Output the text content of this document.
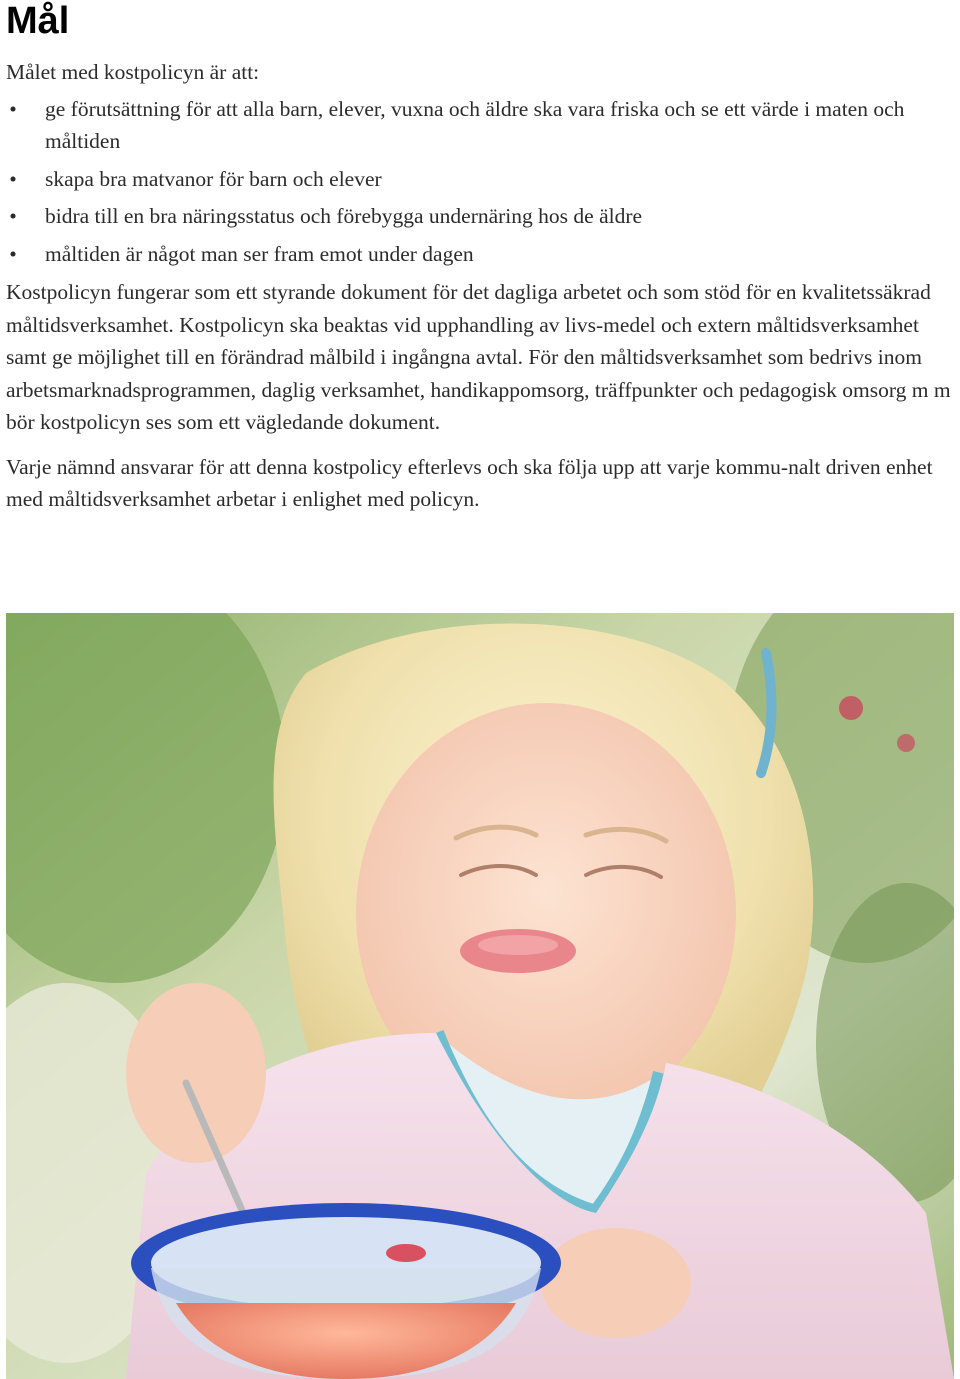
Mål

Målet med kostpolicyn är att:

• ge förutsättning för att alla barn, elever, vuxna och äldre ska vara friska och se ett värde i maten och måltiden
• skapa bra matvanor för barn och elever
• bidra till en bra näringsstatus och förebygga undernäring hos de äldre
• måltiden är något man ser fram emot under dagen

Kostpolicyn fungerar som ett styrande dokument för det dagliga arbetet och som stöd för en kvalitetssäkrad måltidsverksamhet. Kostpolicyn ska beaktas vid upphandling av livs-medel och extern måltidsverksamhet samt ge möjlighet till en förändrad målbild i ingångna avtal. För den måltidsverksamhet som bedrivs inom arbetsmarknadsprogrammen, daglig verksamhet, handikappomsorg, träffpunkter och pedagogisk omsorg m m bör kostpolicyn ses som ett vägledande dokument.

Varje nämnd ansvarar för att denna kostpolicy efterlevs och ska följa upp att varje kommu-nalt driven enhet med måltidsverksamhet arbetar i enlighet med policyn.
